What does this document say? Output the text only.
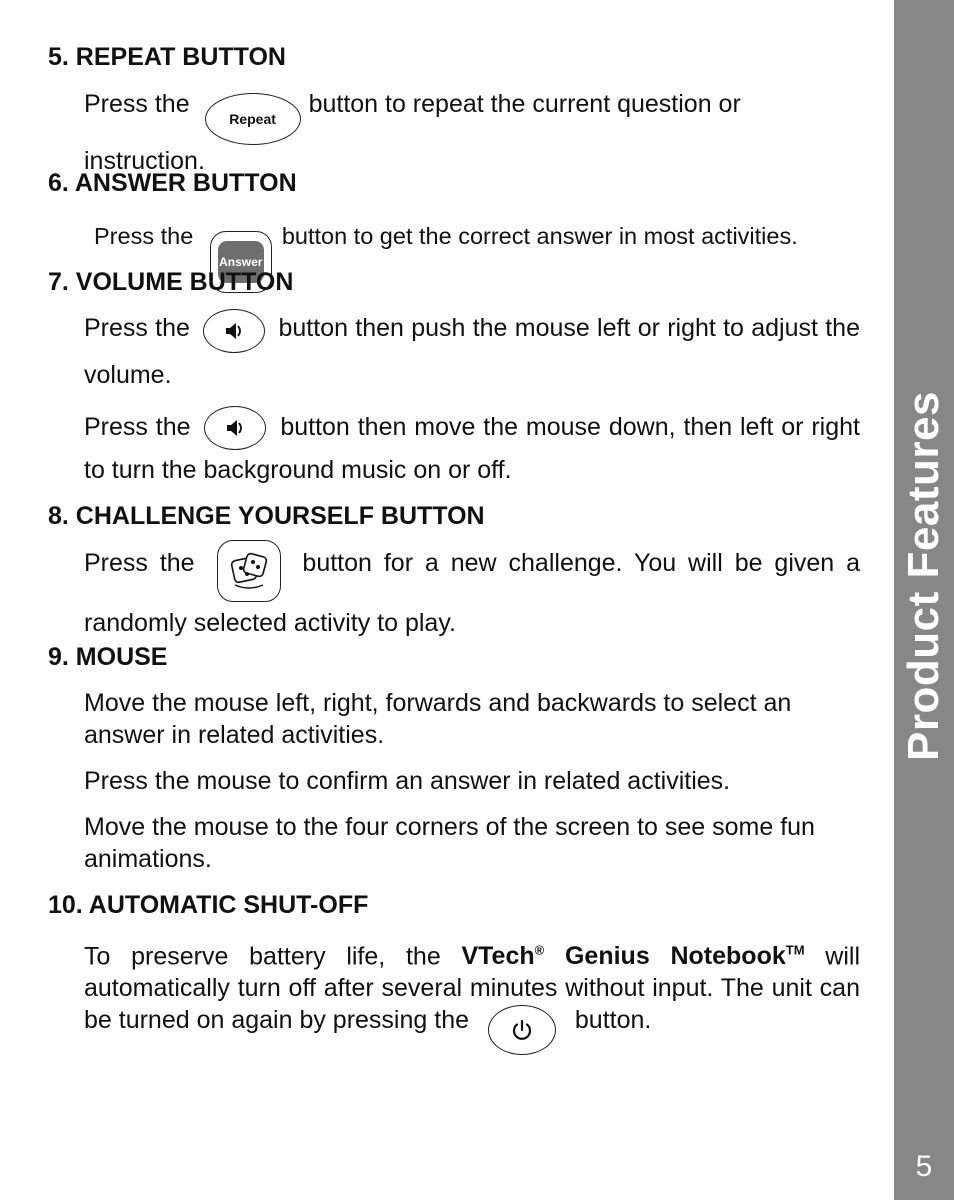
5. REPEAT BUTTON

Press the
Repeat
button to repeat the current question or instruction.

6. ANSWER BUTTON

Press the
Answer
button to get the correct answer in most activities.

7. VOLUME BUTTON

Press the	button then push the mouse left or right to adjust the volume.

Press the	button then move the mouse down, then left or right to turn the background music on or off.

8. CHALLENGE YOURSELF BUTTON

Press the	button for a new challenge. You will be given a randomly selected activity to play.

9. MOUSE

Move the mouse left, right, forwards and backwards to select an answer in related activities.

Press the mouse to confirm an answer in related activities.

Move the mouse to the four corners of the screen to see some fun animations.

10. AUTOMATIC SHUT-OFF

To preserve battery life, the VTech® Genius Notebook™ will automatically turn off after several minutes without input. The unit can be turned on again by pressing the	button.

Product Features
5
